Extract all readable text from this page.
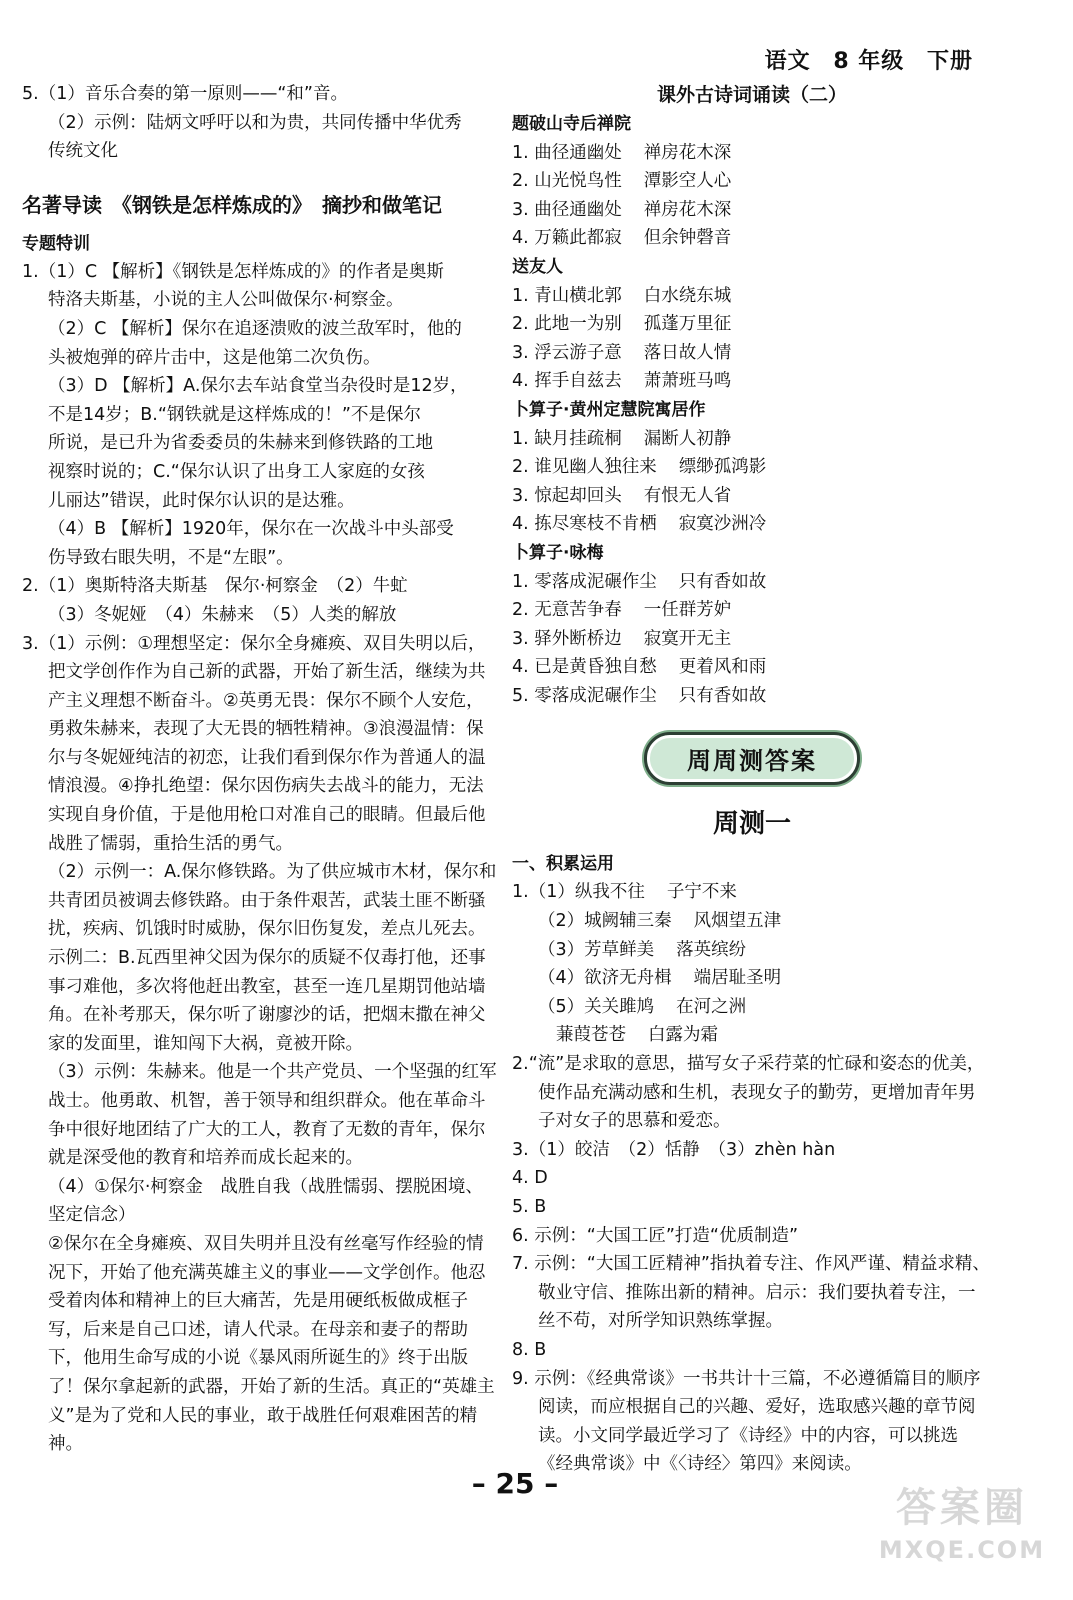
语文 8 年级 下册
5.（1）音乐合奏的第一原则——“和”音。
（2）示例：陆炳文呼吁以和为贵，共同传播中华优秀
传统文化
名著导读　《钢铁是怎样炼成的》　摘抄和做笔记
专题特训
1.（1）C 【解析】《钢铁是怎样炼成的》的作者是奥斯
特洛夫斯基，小说的主人公叫做保尔·柯察金。
（2）C 【解析】保尔在追逐溃败的波兰敌军时，他的
头被炮弹的碎片击中，这是他第二次负伤。
（3）D 【解析】A.保尔去车站食堂当杂役时是12岁，
不是14岁；B.“钢铁就是这样炼成的！”不是保尔
所说，是已升为省委委员的朱赫来到修铁路的工地
视察时说的；C.“保尔认识了出身工人家庭的女孩
儿丽达”错误，此时保尔认识的是达雅。
（4）B 【解析】1920年，保尔在一次战斗中头部受
伤导致右眼失明，不是“左眼”。
2.（1）奥斯特洛夫斯基　保尔·柯察金　（2）牛虻
（3）冬妮娅　（4）朱赫来　（5）人类的解放
3.（1）示例：①理想坚定：保尔全身瘫痪、双目失明以后，把文学创作作为自己新的武器，开始了新生活，继续为共产主义理想不断奋斗。②英勇无畏：保尔不顾个人安危，勇救朱赫来，表现了大无畏的牺牲精神。③浪漫温情：保尔与冬妮娅纯洁的初恋，让我们看到保尔作为普通人的温情浪漫。④挣扎绝望：保尔因伤病失去战斗的能力，无法实现自身价值，于是他用枪口对准自己的眼睛。但最后他战胜了懦弱，重拾生活的勇气。
（2）示例一：A.保尔修铁路。为了供应城市木材，保尔和共青团员被调去修铁路。由于条件艰苦，武装土匪不断骚扰，疾病、饥饿时时威胁，保尔旧伤复发，差点儿死去。
示例二：B.瓦西里神父因为保尔的质疑不仅毒打他，还事事刁难他，多次将他赶出教室，甚至一连几星期罚他站墙角。在补考那天，保尔听了谢廖沙的话，把烟末撒在神父家的发面里，谁知闯下大祸，竟被开除。
（3）示例：朱赫来。他是一个共产党员、一个坚强的红军战士。他勇敢、机智，善于领导和组织群众。他在革命斗争中很好地团结了广大的工人，教育了无数的青年，保尔就是深受他的教育和培养而成长起来的。
（4）①保尔·柯察金　战胜自我（战胜懦弱、摆脱困境、坚定信念）
②保尔在全身瘫痪、双目失明并且没有丝毫写作经验的情况下，开始了他充满英雄主义的事业——文学创作。他忍受着肉体和精神上的巨大痛苦，先是用硬纸板做成框子写，后来是自己口述，请人代录。在母亲和妻子的帮助下，他用生命写成的小说《暴风雨所诞生的》终于出版了！保尔拿起新的武器，开始了新的生活。真正的“英雄主义”是为了党和人民的事业，敢于战胜任何艰难困苦的精神。
课外古诗词诵读（二）
题破山寺后禅院
1. 曲径通幽处 禅房花木深
2. 山光悦鸟性 潭影空人心
3. 曲径通幽处 禅房花木深
4. 万籁此都寂 但余钟磬音
送友人
1. 青山横北郭 白水绕东城
2. 此地一为别 孤蓬万里征
3. 浮云游子意 落日故人情
4. 挥手自兹去 萧萧班马鸣
卜算子·黄州定慧院寓居作
1. 缺月挂疏桐 漏断人初静
2. 谁见幽人独往来 缥缈孤鸿影
3. 惊起却回头 有恨无人省
4. 拣尽寒枝不肯栖 寂寞沙洲冷
卜算子·咏梅
1. 零落成泥碾作尘 只有香如故
2. 无意苦争春 一任群芳妒
3. 驿外断桥边 寂寞开无主
4. 已是黄昏独自愁 更着风和雨
5. 零落成泥碾作尘 只有香如故
周周测答案
周测一
一、积累运用
1.（1）纵我不往 子宁不来
（2）城阙辅三秦 风烟望五津
（3）芳草鲜美 落英缤纷
（4）欲济无舟楫 端居耻圣明
（5）关关雎鸠 在河之洲
蒹葭苍苍 白露为霜
2.“流”是求取的意思，描写女子采荇菜的忙碌和姿态的优美，使作品充满动感和生机，表现女子的勤劳，更增加青年男子对女子的思慕和爱恋。
3.（1）皎洁　（2）恬静　（3）zhèn hàn
4. D
5. B
6. 示例：“大国工匠”打造“优质制造”
7. 示例：“大国工匠精神”指执着专注、作风严谨、精益求精、敬业守信、推陈出新的精神。启示：我们要执着专注，一丝不苟，对所学知识熟练掌握。
8. B
9. 示例：《经典常谈》一书共计十三篇，不必遵循篇目的顺序阅读，而应根据自己的兴趣、爱好，选取感兴趣的章节阅读。小文同学最近学习了《诗经》中的内容，可以挑选《经典常谈》中《〈诗经〉第四》来阅读。
– 25 –
答案圈
MXQE.COM
